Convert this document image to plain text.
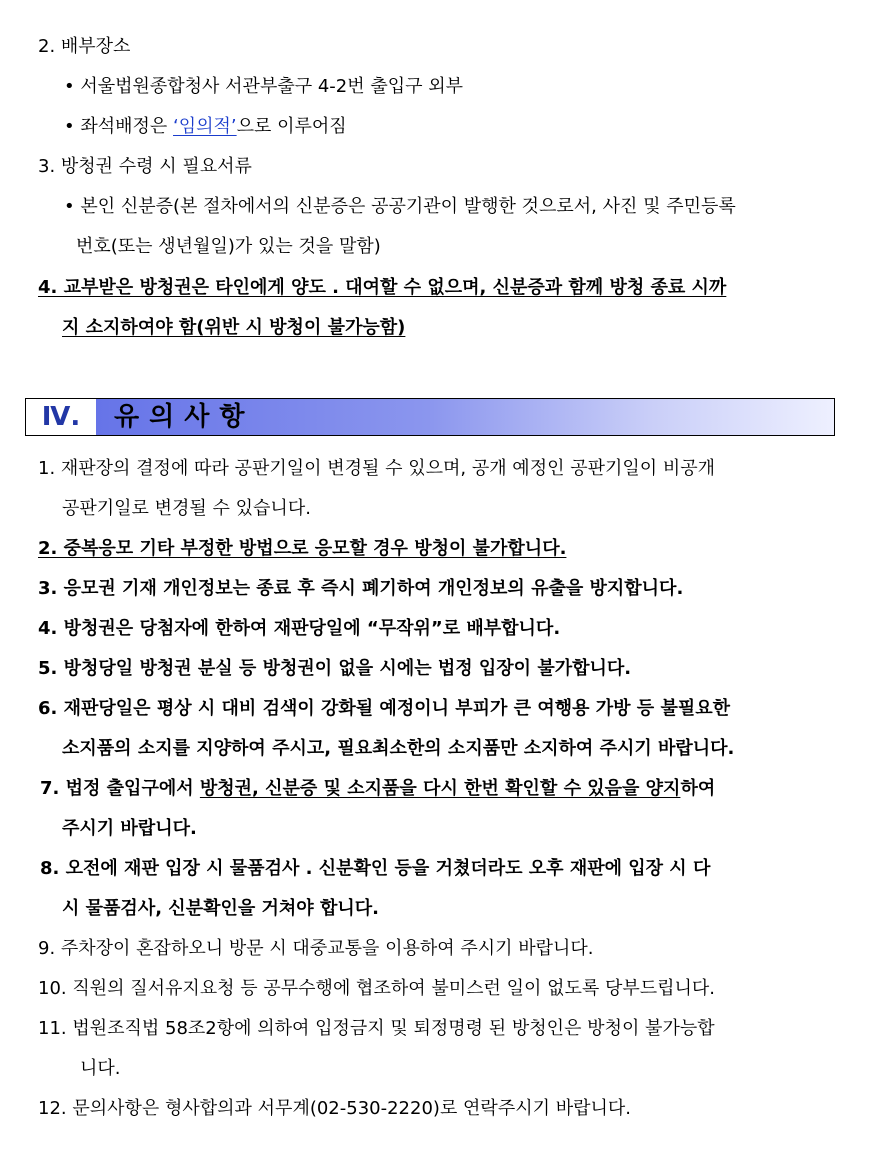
2. 배부장소
• 서울법원종합청사 서관부출구 4-2번 출입구 외부
• 좌석배정은 ‘임의적’으로 이루어짐
3. 방청권 수령 시 필요서류
• 본인 신분증(본 절차에서의 신분증은 공공기관이 발행한 것으로서, 사진 및 주민등록
번호(또는 생년월일)가 있는 것을 말함)
4. 교부받은 방청권은 타인에게 양도 . 대여할 수 없으며, 신분증과 함께 방청 종료 시까
지 소지하여야 함(위반 시 방청이 불가능함)
Ⅳ.	유의사항
1. 재판장의 결정에 따라 공판기일이 변경될 수 있으며, 공개 예정인 공판기일이 비공개
공판기일로 변경될 수 있습니다.
2. 중복응모 기타 부정한 방법으로 응모할 경우 방청이 불가합니다.
3. 응모권 기재 개인정보는 종료 후 즉시 폐기하여 개인정보의 유출을 방지합니다.
4. 방청권은 당첨자에 한하여 재판당일에 “무작위”로 배부합니다.
5. 방청당일 방청권 분실 등 방청권이 없을 시에는 법정 입장이 불가합니다.
6. 재판당일은 평상 시 대비 검색이 강화될 예정이니 부피가 큰 여행용 가방 등 불필요한
소지품의 소지를 지양하여 주시고, 필요최소한의 소지품만 소지하여 주시기 바랍니다.
7. 법정 출입구에서 방청권, 신분증 및 소지품을 다시 한번 확인할 수 있음을 양지하여
주시기 바랍니다.
8. 오전에 재판 입장 시 물품검사 . 신분확인 등을 거쳤더라도 오후 재판에 입장 시 다
시 물품검사, 신분확인을 거쳐야 합니다.
9. 주차장이 혼잡하오니 방문 시 대중교통을 이용하여 주시기 바랍니다.
10. 직원의 질서유지요청 등 공무수행에 협조하여 불미스런 일이 없도록 당부드립니다.
11. 법원조직법 58조2항에 의하여 입정금지 및 퇴정명령 된 방청인은 방청이 불가능합
니다.
12. 문의사항은 형사합의과 서무계(02-530-2220)로 연락주시기 바랍니다.
